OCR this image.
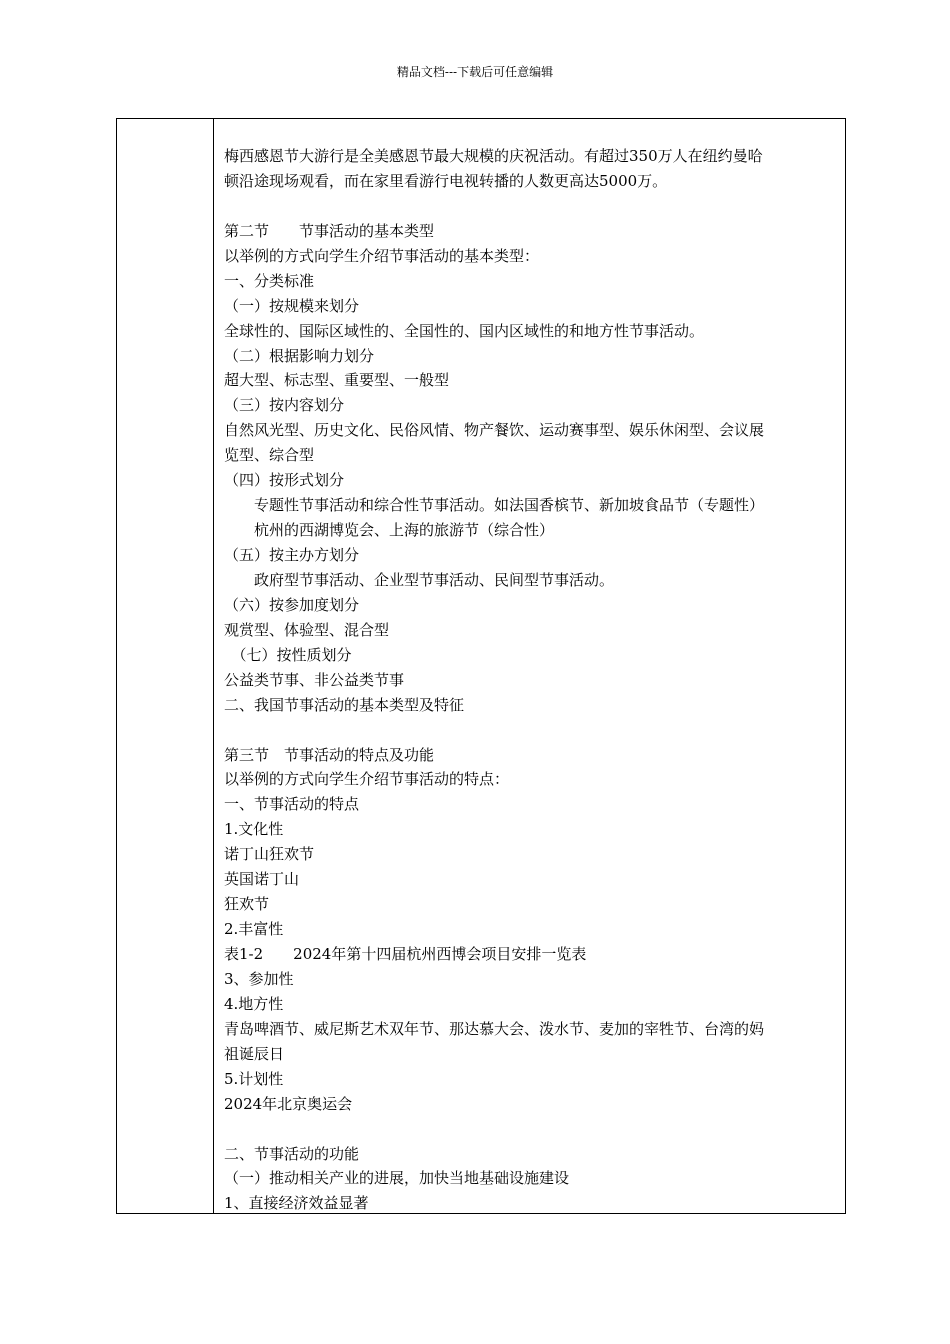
精品文档---下载后可任意编辑
梅西感恩节大游行是全美感恩节最大规模的庆祝活动。有超过350万人在纽约曼哈
顿沿途现场观看，而在家里看游行电视转播的人数更高达5000万。
第二节　　节事活动的基本类型
以举例的方式向学生介绍节事活动的基本类型：
一、分类标准
（一）按规模来划分
全球性的、国际区域性的、全国性的、国内区域性的和地方性节事活动。
（二）根据影响力划分
超大型、标志型、重要型、一般型
（三）按内容划分
自然风光型、历史文化、民俗风情、物产餐饮、运动赛事型、娱乐休闲型、会议展
览型、综合型
（四）按形式划分
　　专题性节事活动和综合性节事活动。如法国香槟节、新加坡食品节（专题性）
　　杭州的西湖博览会、上海的旅游节（综合性）
（五）按主办方划分
　　政府型节事活动、企业型节事活动、民间型节事活动。
（六）按参加度划分
观赏型、体验型、混合型
　（七）按性质划分
公益类节事、非公益类节事
二、我国节事活动的基本类型及特征
第三节　节事活动的特点及功能
以举例的方式向学生介绍节事活动的特点：
一、节事活动的特点
1.文化性
诺丁山狂欢节
英国诺丁山
狂欢节
2.丰富性
表1-2　　2024年第十四届杭州西博会项目安排一览表
3、参加性
4.地方性
青岛啤酒节、威尼斯艺术双年节、那达慕大会、泼水节、麦加的宰牲节、台湾的妈
祖诞辰日
5.计划性
2024年北京奥运会
二、节事活动的功能
（一）推动相关产业的进展，加快当地基础设施建设
1、直接经济效益显著
